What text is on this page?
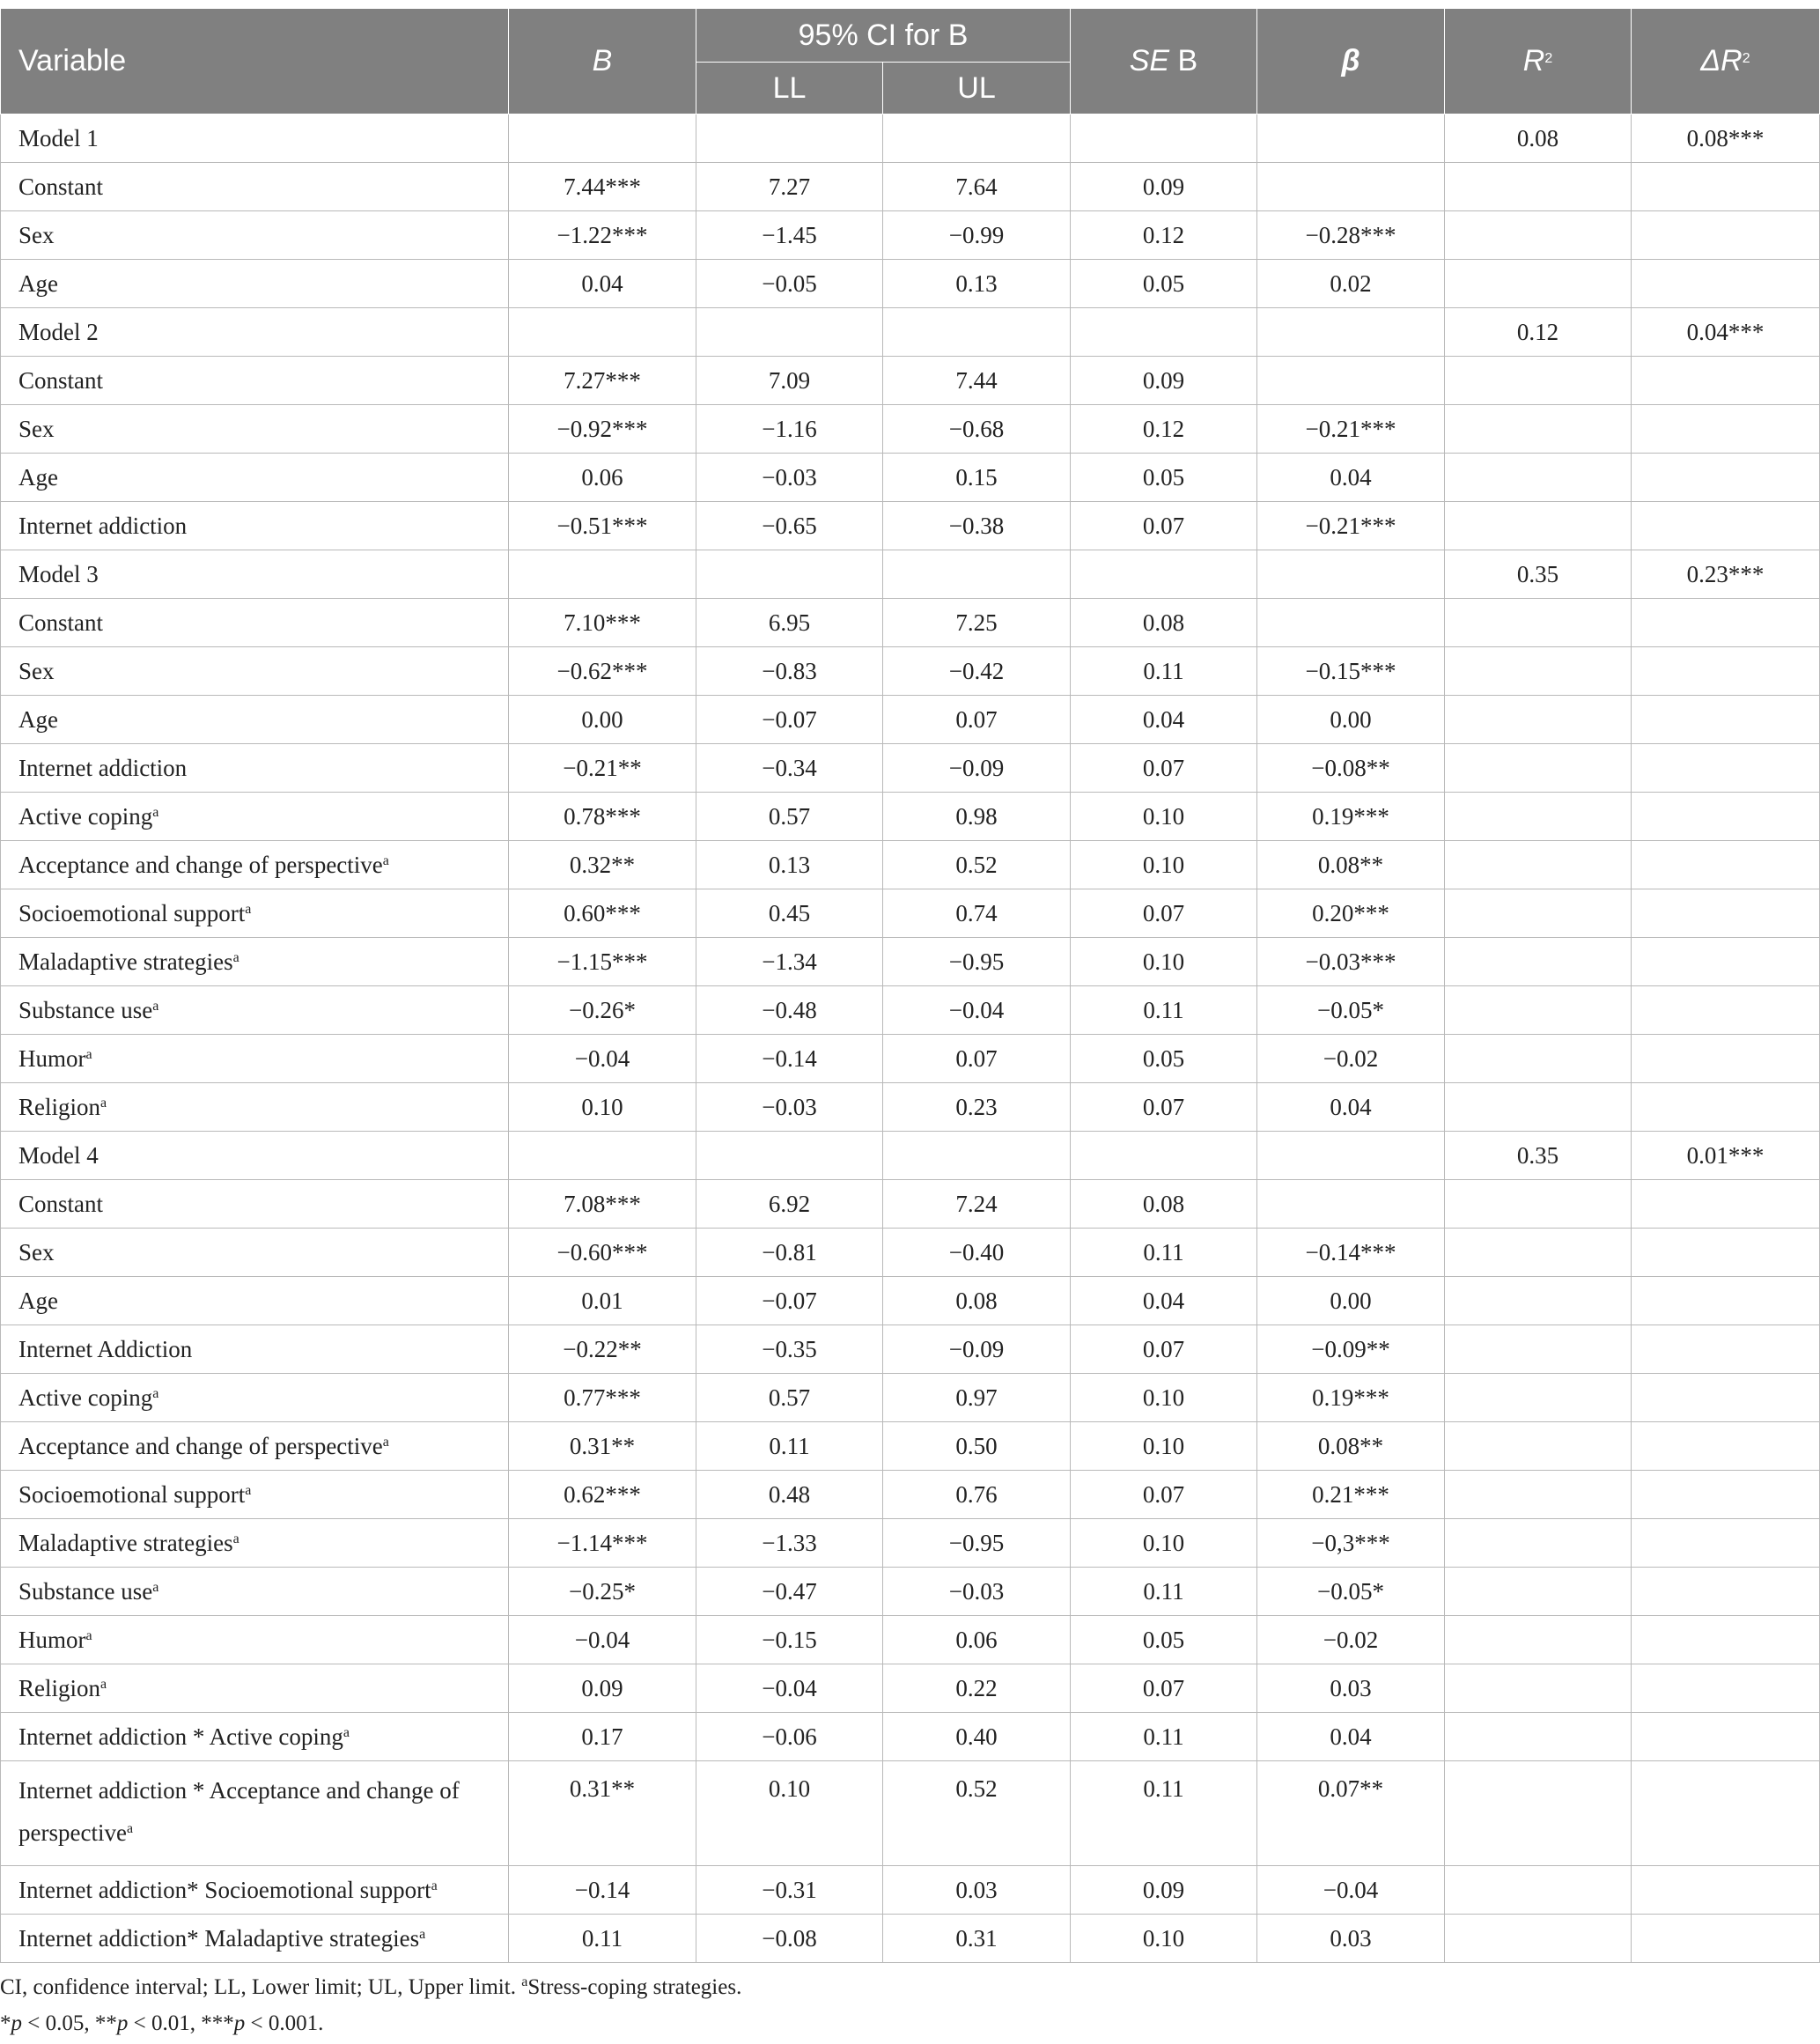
Variable	B	95% CI for B		SE B	β	$R^2$	$\Delta R^2$
		LL	UL				
Model 1						0.08	0.08***
Constant	7.44***	7.27	7.64	0.09			
Sex	−1.22***	−1.45	−0.99	0.12	−0.28***		
Age	0.04	−0.05	0.13	0.05	0.02		
Model 2						0.12	0.04***
Constant	7.27***	7.09	7.44	0.09			
Sex	−0.92***	−1.16	−0.68	0.12	−0.21***		
Age	0.06	−0.03	0.15	0.05	0.04		
Internet addiction	−0.51***	−0.65	−0.38	0.07	−0.21***		
Model 3						0.35	0.23***
Constant	7.10***	6.95	7.25	0.08			
Sex	−0.62***	−0.83	−0.42	0.11	−0.15***		
Age	0.00	−0.07	0.07	0.04	0.00		
Internet addiction	−0.21**	−0.34	−0.09	0.07	−0.08**		
Active coping$^a$	0.78***	0.57	0.98	0.10	0.19***		
Acceptance and change of perspective$^a$	0.32**	0.13	0.52	0.10	0.08**		
Socioemotional support$^a$	0.60***	0.45	0.74	0.07	0.20***		
Maladaptive strategies$^a$	−1.15***	−1.34	−0.95	0.10	−0.03***		
Substance use$^a$	−0.26*	−0.48	−0.04	0.11	−0.05*		
Humor$^a$	−0.04	−0.14	0.07	0.05	−0.02		
Religion$^a$	0.10	−0.03	0.23	0.07	0.04		
Model 4						0.35	0.01***
Constant	7.08***	6.92	7.24	0.08			
Sex	−0.60***	−0.81	−0.40	0.11	−0.14***		
Age	0.01	−0.07	0.08	0.04	0.00		
Internet Addiction	−0.22**	−0.35	−0.09	0.07	−0.09**		
Active coping$^a$	0.77***	0.57	0.97	0.10	0.19***		
Acceptance and change of perspective$^a$	0.31**	0.11	0.50	0.10	0.08**		
Socioemotional support$^a$	0.62***	0.48	0.76	0.07	0.21***		
Maladaptive strategies$^a$	−1.14***	−1.33	−0.95	0.10	−0,3***		
Substance use$^a$	−0.25*	−0.47	−0.03	0.11	−0.05*		
Humor$^a$	−0.04	−0.15	0.06	0.05	−0.02		
Religion$^a$	0.09	−0.04	0.22	0.07	0.03		
Internet addiction * Active coping$^a$	0.17	−0.06	0.40	0.11	0.04		
Internet addiction * Acceptance and change of perspective$^a$	0.31**	0.10	0.52	0.11	0.07**		
Internet addiction* Socioemotional support$^a$	−0.14	−0.31	0.03	0.09	−0.04		
Internet addiction* Maladaptive strategies$^a$	0.11	−0.08	0.31	0.10	0.03		

CI, confidence interval; LL, Lower limit; UL, Upper limit. $^a$Stress-coping strategies.

*p < 0.05, **p < 0.01, ***p < 0.001.
